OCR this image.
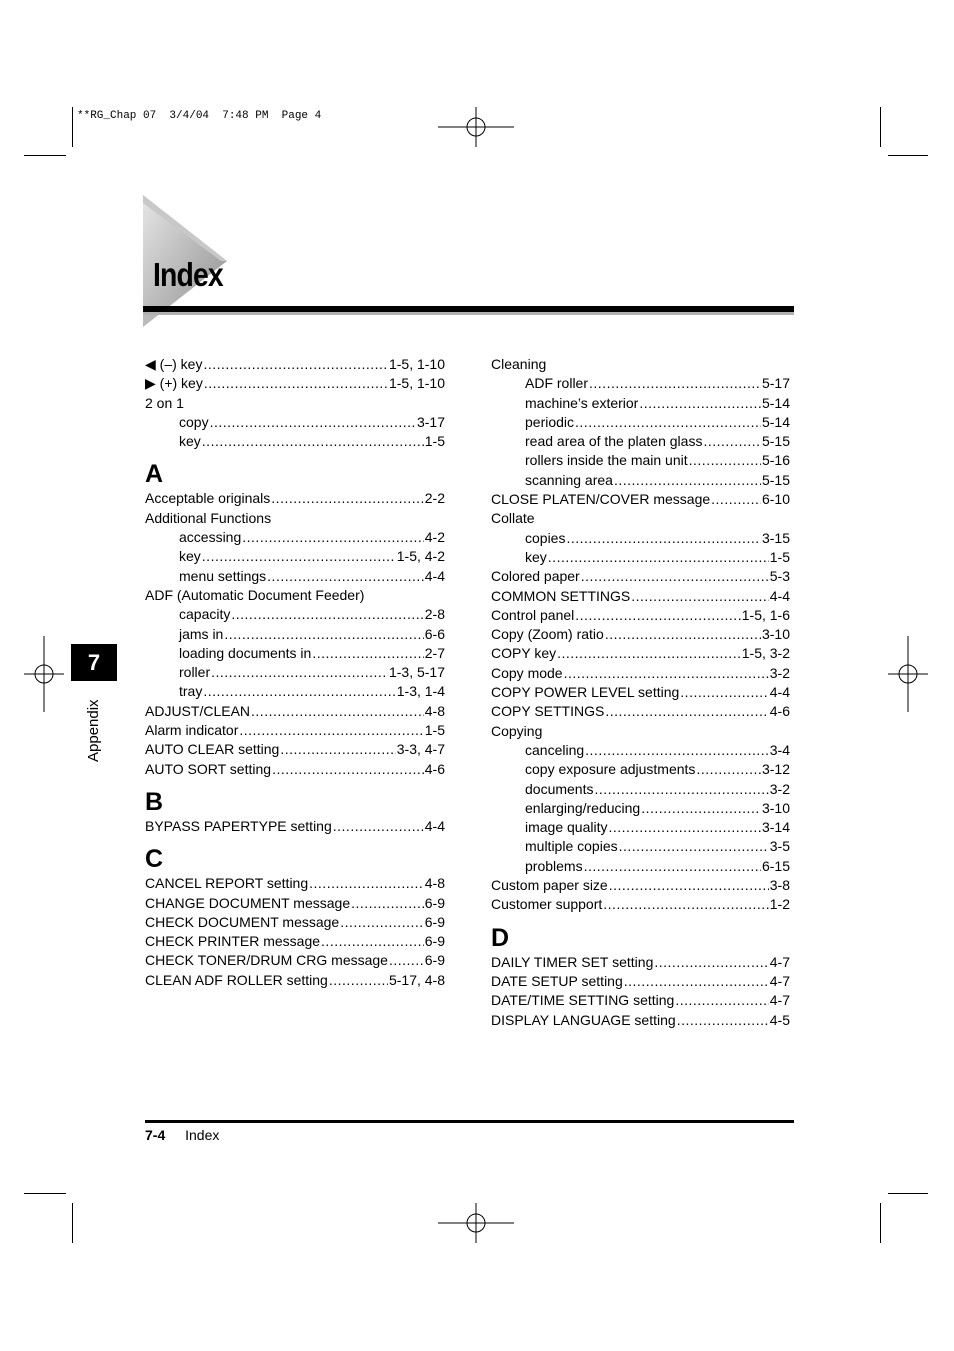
**RG_Chap 07  3/4/04  7:48 PM  Page 4
Index
◀ (–) key .....	1-5, 1-10
▶ (+) key .....	1-5, 1-10
2 on 1
copy .....	3-17
key .....	1-5
A
Acceptable originals .....	2-2
Additional Functions
accessing .....	4-2
key .....	1-5, 4-2
menu settings .....	4-4
ADF (Automatic Document Feeder)
capacity .....	2-8
jams in .....	6-6
loading documents in .....	2-7
roller .....	1-3, 5-17
tray .....	1-3, 1-4
ADJUST/CLEAN .....	4-8
Alarm indicator .....	1-5
AUTO CLEAR setting .....	3-3, 4-7
AUTO SORT setting .....	4-6
B
BYPASS PAPERTYPE setting .....	4-4
C
CANCEL REPORT setting .....	4-8
CHANGE DOCUMENT message .....	6-9
CHECK DOCUMENT message .....	6-9
CHECK PRINTER message .....	6-9
CHECK TONER/DRUM CRG message .....	6-9
CLEAN ADF ROLLER setting .....	5-17, 4-8
Cleaning
ADF roller .....	5-17
machine’s exterior .....	5-14
periodic .....	5-14
read area of the platen glass .....	5-15
rollers inside the main unit .....	5-16
scanning area .....	5-15
CLOSE PLATEN/COVER message .....	6-10
Collate
copies .....	3-15
key .....	1-5
Colored paper .....	5-3
COMMON SETTINGS .....	4-4
Control panel .....	1-5, 1-6
Copy (Zoom) ratio .....	3-10
COPY key .....	1-5, 3-2
Copy mode .....	3-2
COPY POWER LEVEL setting .....	4-4
COPY SETTINGS .....	4-6
Copying
canceling .....	3-4
copy exposure adjustments .....	3-12
documents .....	3-2
enlarging/reducing .....	3-10
image quality .....	3-14
multiple copies .....	3-5
problems .....	6-15
Custom paper size .....	3-8
Customer support .....	1-2
D
DAILY TIMER SET setting .....	4-7
DATE SETUP setting .....	4-7
DATE/TIME SETTING setting .....	4-7
DISPLAY LANGUAGE setting .....	4-5
7
Appendix
7-4 Index
